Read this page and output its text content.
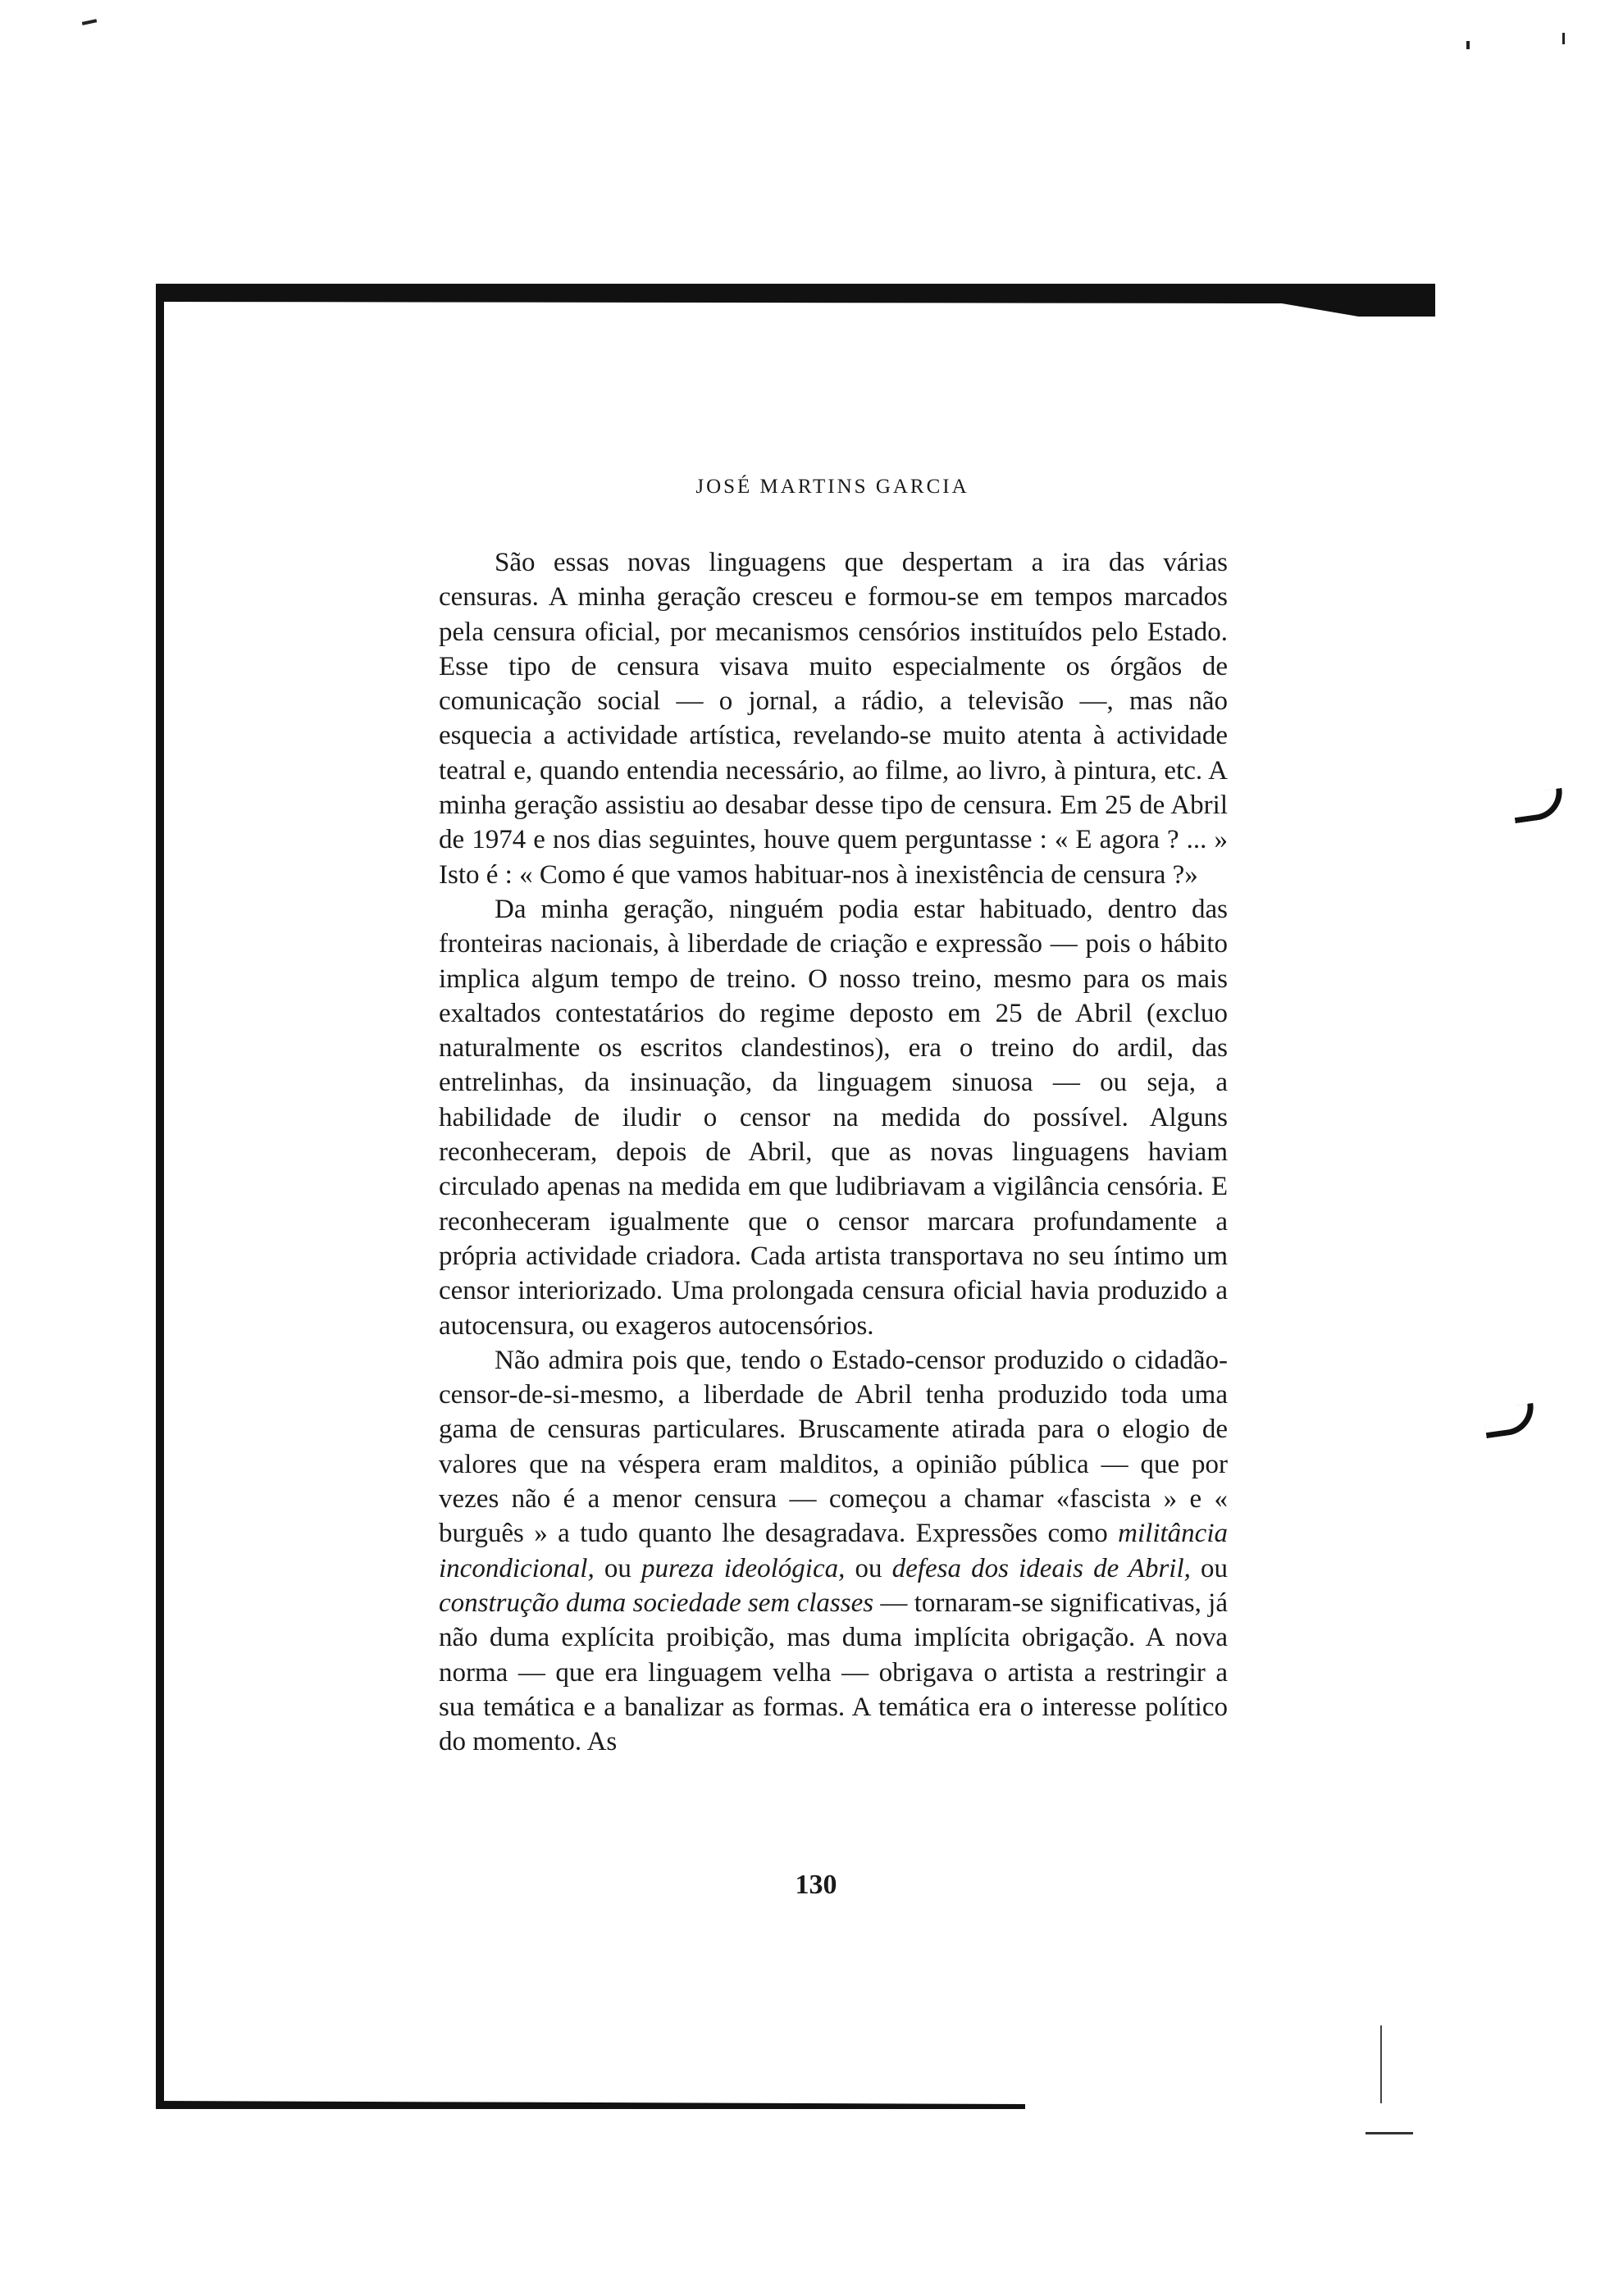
JOSÉ MARTINS GARCIA

São essas novas linguagens que despertam a ira das várias censuras. A minha geração cresceu e formou-se em tempos marcados pela censura oficial, por mecanismos censórios instituídos pelo Estado. Esse tipo de censura visava muito especialmente os órgãos de comunicação social — o jornal, a rádio, a televisão —, mas não esquecia a actividade artística, revelando-se muito atenta à actividade teatral e, quando entendia necessário, ao filme, ao livro, à pintura, etc. A minha geração assistiu ao desabar desse tipo de censura. Em 25 de Abril de 1974 e nos dias seguintes, houve quem perguntasse : « E agora ? ... » Isto é : « Como é que vamos habituar-nos à inexistência de censura ?»

Da minha geração, ninguém podia estar habituado, dentro das fronteiras nacionais, à liberdade de criação e expressão — pois o hábito implica algum tempo de treino. O nosso treino, mesmo para os mais exaltados contestatários do regime deposto em 25 de Abril (excluo naturalmente os escritos clandestinos), era o treino do ardil, das entrelinhas, da insinuação, da linguagem sinuosa — ou seja, a habilidade de iludir o censor na medida do possível. Alguns reconheceram, depois de Abril, que as novas linguagens haviam circulado apenas na medida em que ludibriavam a vigilância censória. E reconheceram igualmente que o censor marcara profundamente a própria actividade criadora. Cada artista transportava no seu íntimo um censor interiorizado. Uma prolongada censura oficial havia produzido a autocensura, ou exageros autocensórios.

Não admira pois que, tendo o Estado-censor produzido o cidadão-censor-de-si-mesmo, a liberdade de Abril tenha produzido toda uma gama de censuras particulares. Bruscamente atirada para o elogio de valores que na véspera eram malditos, a opinião pública — que por vezes não é a menor censura — começou a chamar «fascista » e « burguês » a tudo quanto lhe desagradava. Expressões como militância incondicional, ou pureza ideológica, ou defesa dos ideais de Abril, ou construção duma sociedade sem classes — tornaram-se significativas, já não duma explícita proibição, mas duma implícita obrigação. A nova norma — que era linguagem velha — obrigava o artista a restringir a sua temática e a banalizar as formas. A temática era o interesse político do momento. As

130
